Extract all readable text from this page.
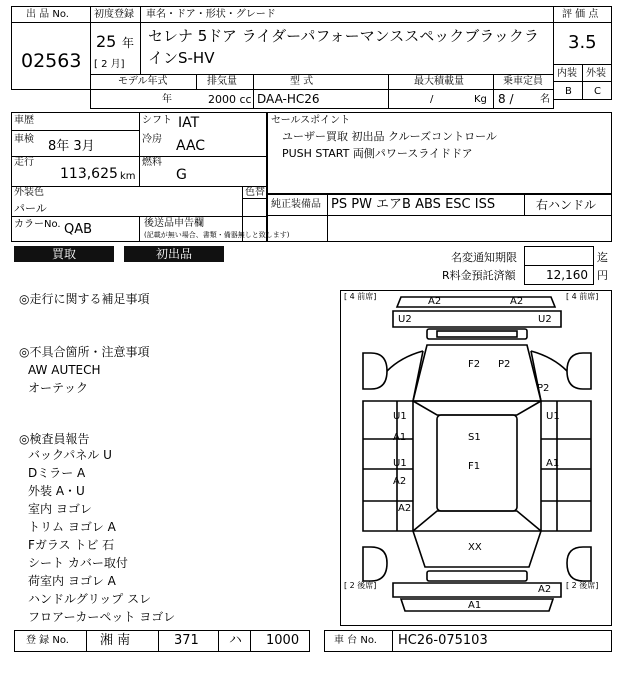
出 品 No.
02563
初度登録
25 年
[ 2 月]
車名・ドア・形状・グレード
セレナ 5ドア ライダーパフォーマンススペックブラックラ
インS-HV
モデル年式	排気量	型 式	最大積載量	乗車定員
年	2000 cc DAA-HC26	/	Kg 8 /	名
評 価 点
3.5
内装 外装
B C
車歴
車検 8年 3月
シフト IAT
冷房 AAC
走行
113,625 km
燃料
G
外装色
パール
色替
カラーNo. QAB	後送品申告欄
(記載が無い場合、書類・備器無しと致します)
セールスポイント
ユーザー買取 初出品 クルーズコントロール
PUSH START 両側パワースライドドア
純正装備品 PS PW エアB ABS ESC ISS	右ハンドル
買取	初出品	名変通知期限	迄
R料金預託済額	12,160 円
◎走行に関する補足事項
◎不具合箇所・注意事項
AW AUTECH
オーテック
◎検査員報告
バックパネル U
Dミラー A
外装 A・U
室内 ヨゴレ
トリム ヨゴレ A
Fガラス トビ 石
シート カバー取付
荷室内 ヨゴレ A
ハンドルグリップ スレ
フロアーカーペット ヨゴレ
[ 4 前席]	[ 4 前席]
[ 2 後席]	[ 2 後席]
A2	A2
U2	U2
F2 P2
P2
U1
A1
U1
S1
U1
A2
F1	A1
A2
XX
A2
A1
登 録 No. 湘 南	371 ハ 1000	車 台 No. HC26-075103
